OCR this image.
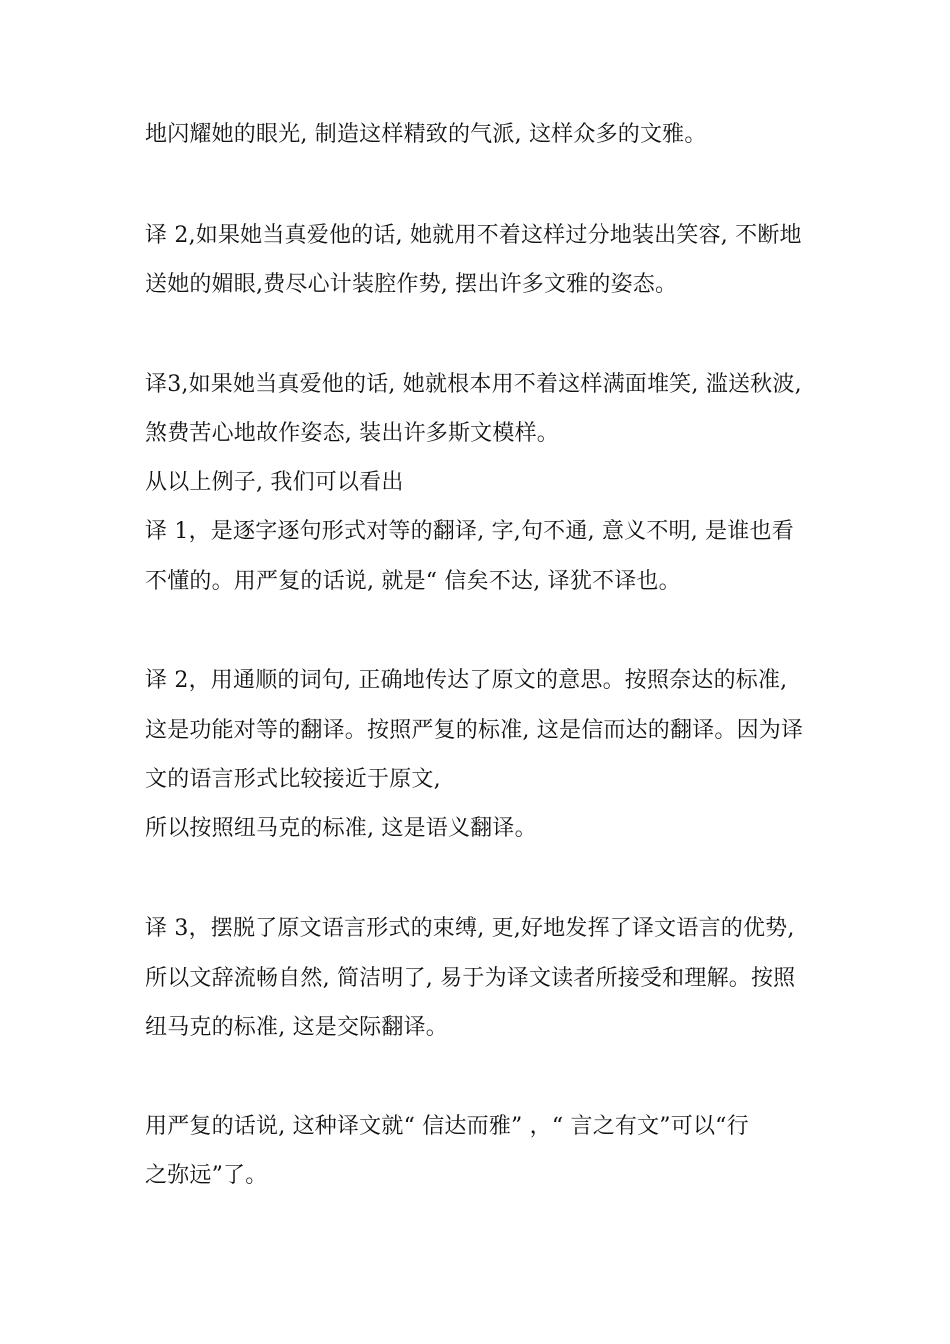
地闪耀她的眼光, 制造这样精致的气派, 这样众多的文雅。
译 2,如果她当真爱他的话, 她就用不着这样过分地装出笑容, 不断地
送她的媚眼,费尽心计装腔作势, 摆出许多文雅的姿态。
译3,如果她当真爱他的话, 她就根本用不着这样满面堆笑, 滥送秋波,
煞费苦心地故作姿态, 装出许多斯文模样。
从以上例子, 我们可以看出
译 1，是逐字逐句形式对等的翻译, 字,句不通, 意义不明, 是谁也看
不懂的。用严复的话说, 就是“ 信矣不达, 译犹不译也。
译 2，用通顺的词句, 正确地传达了原文的意思。按照奈达的标准,
这是功能对等的翻译。按照严复的标准, 这是信而达的翻译。因为译
文的语言形式比较接近于原文,
所以按照纽马克的标准, 这是语义翻译。
译 3，摆脱了原文语言形式的束缚, 更,好地发挥了译文语言的优势,
所以文辞流畅自然, 简洁明了, 易于为译文读者所接受和理解。按照
纽马克的标准, 这是交际翻译。
用严复的话说, 这种译文就“ 信达而雅” ，“ 言之有文”可以“行
之弥远”了。
